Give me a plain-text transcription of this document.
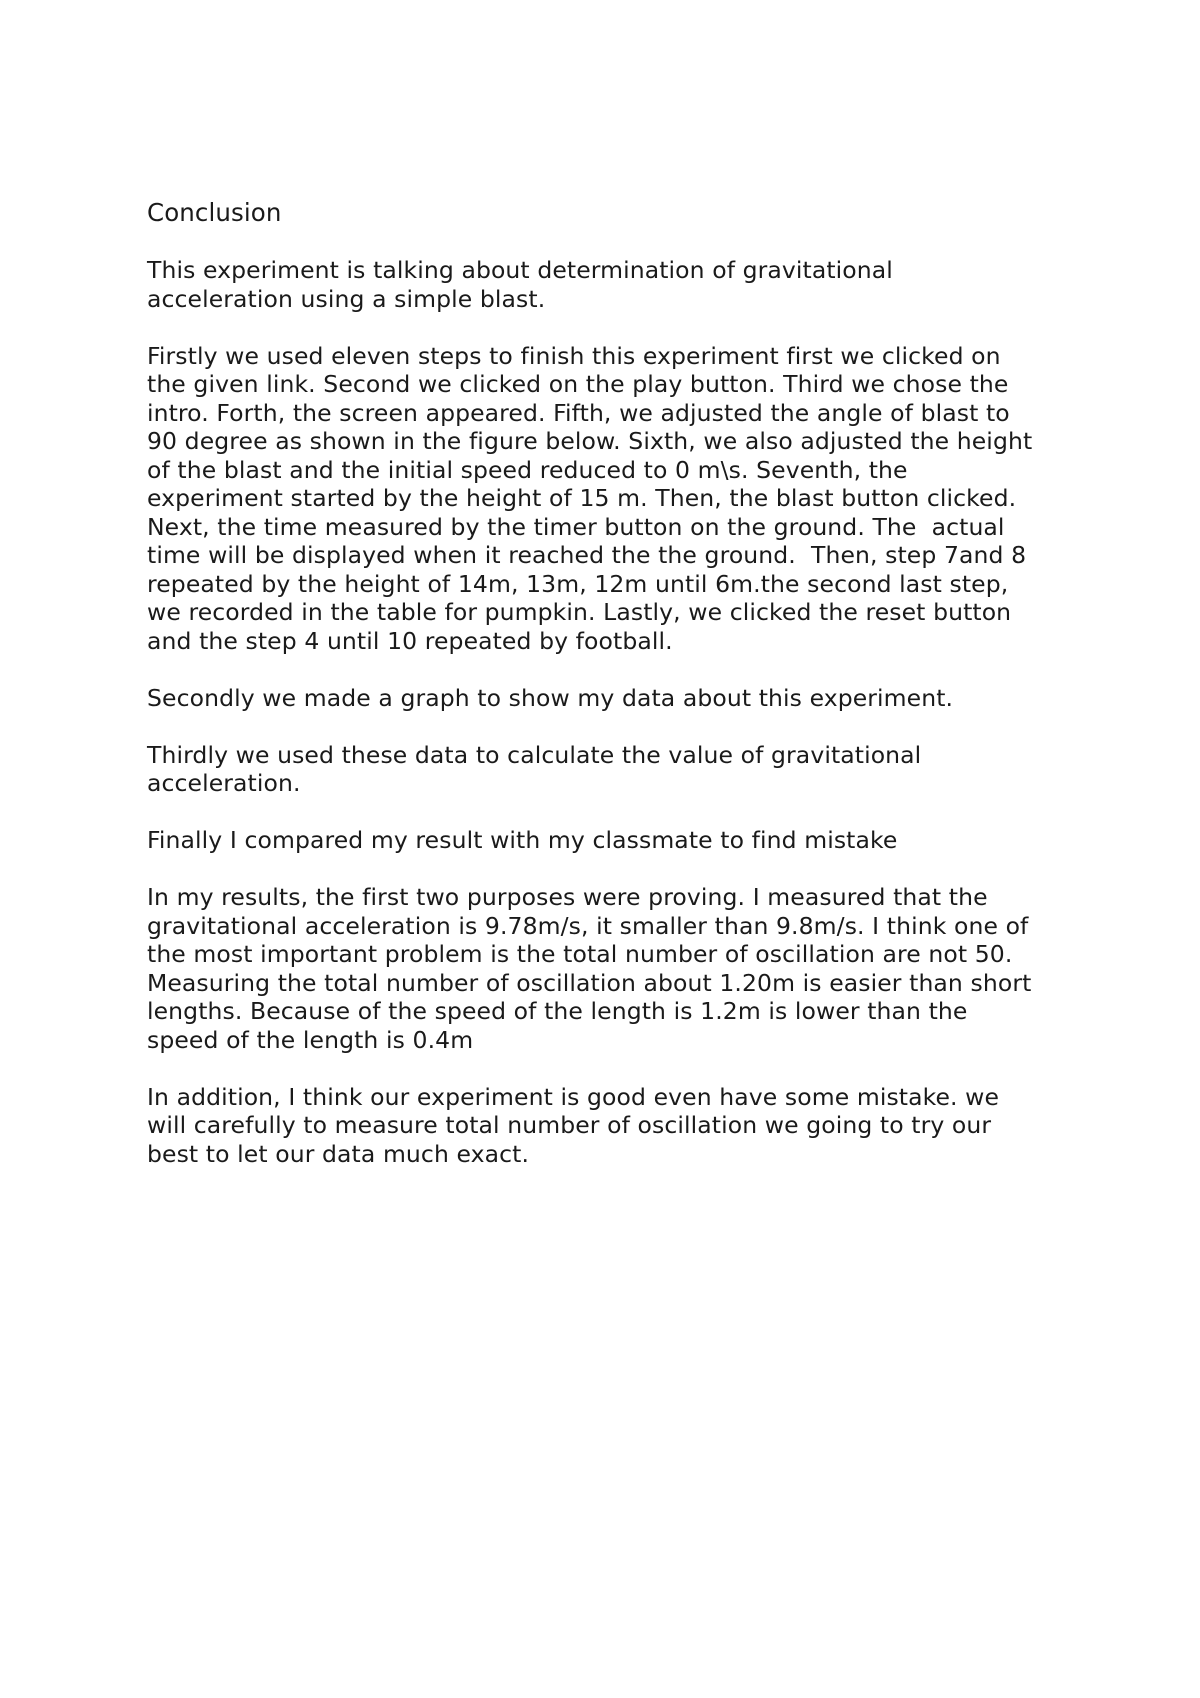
Conclusion

This experiment is talking about determination of gravitational
acceleration using a simple blast.

Firstly we used eleven steps to finish this experiment first we clicked on
the given link. Second we clicked on the play button. Third we chose the
intro. Forth, the screen appeared. Fifth, we adjusted the angle of blast to
90 degree as shown in the figure below. Sixth, we also adjusted the height
of the blast and the initial speed reduced to 0 m\s. Seventh, the
experiment started by the height of 15 m. Then, the blast button clicked.
Next, the time measured by the timer button on the ground. The  actual
time will be displayed when it reached the the ground.  Then, step 7and 8
repeated by the height of 14m, 13m, 12m until 6m.the second last step,
we recorded in the table for pumpkin. Lastly, we clicked the reset button
and the step 4 until 10 repeated by football.

Secondly we made a graph to show my data about this experiment.

Thirdly we used these data to calculate the value of gravitational
acceleration.

Finally I compared my result with my classmate to find mistake

In my results, the first two purposes were proving. I measured that the
gravitational acceleration is 9.78m/s, it smaller than 9.8m/s. I think one of
the most important problem is the total number of oscillation are not 50.
Measuring the total number of oscillation about 1.20m is easier than short
lengths. Because of the speed of the length is 1.2m is lower than the
speed of the length is 0.4m

In addition, I think our experiment is good even have some mistake. we
will carefully to measure total number of oscillation we going to try our
best to let our data much exact.
